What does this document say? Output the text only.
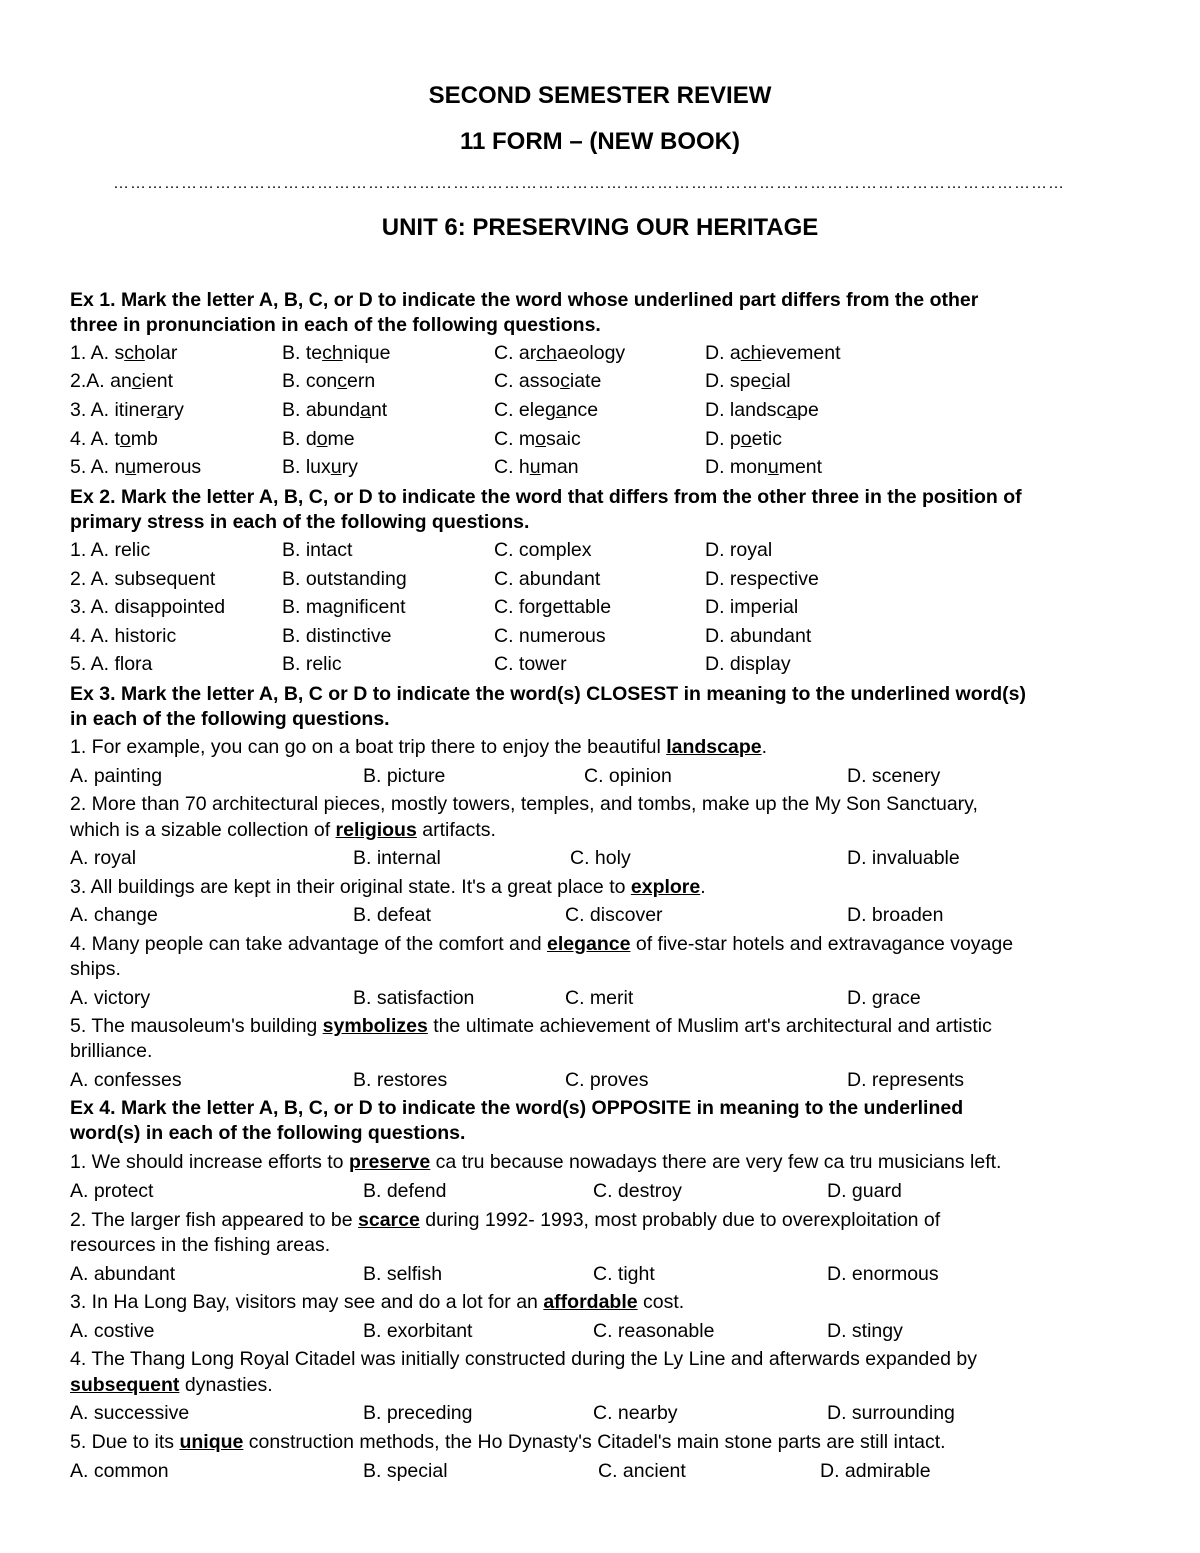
SECOND SEMESTER REVIEW
11 FORM – (NEW BOOK)
……………………………………………………………………………………………………………………………………………………
UNIT 6: PRESERVING OUR HERITAGE
Ex 1. Mark the letter A, B, C, or D to indicate the word whose underlined part differs from the other
three in pronunciation in each of the following questions.
1. A. scholar	B. technique	C. archaeology	D. achievement
2.A. ancient	B. concern	C. associate	D. special
3. A. itinerary	B. abundant	C. elegance	D. landscape
4. A. tomb	B. dome	C. mosaic	D. poetic
5. A. numerous	B. luxury	C. human	D. monument
Ex 2. Mark the letter A, B, C, or D to indicate the word that differs from the other three in the position of
primary stress in each of the following questions.
1. A. relic	B. intact	C. complex	D. royal
2. A. subsequent	B. outstanding	C. abundant	D. respective
3. A. disappointed	B. magnificent	C. forgettable	D. imperial
4. A. historic	B. distinctive	C. numerous	D. abundant
5. A. flora	B. relic	C. tower	D. display
Ex 3. Mark the letter A, B, C or D to indicate the word(s) CLOSEST in meaning to the underlined word(s)
in each of the following questions.
1. For example, you can go on a boat trip there to enjoy the beautiful landscape.
A. painting	B. picture	C. opinion	D. scenery
2. More than 70 architectural pieces, mostly towers, temples, and tombs, make up the My Son Sanctuary,
which is a sizable collection of religious artifacts.
A. royal	B. internal	C. holy	D. invaluable
3. All buildings are kept in their original state. It's a great place to explore.
A. change	B. defeat	C. discover	D. broaden
4. Many people can take advantage of the comfort and elegance of five-star hotels and extravagance voyage
ships.
A. victory	B. satisfaction	C. merit	D. grace
5. The mausoleum's building symbolizes the ultimate achievement of Muslim art's architectural and artistic
brilliance.
A. confesses	B. restores	C. proves	D. represents
Ex 4. Mark the letter A, B, C, or D to indicate the word(s) OPPOSITE in meaning to the underlined
word(s) in each of the following questions.
1. We should increase efforts to preserve ca tru because nowadays there are very few ca tru musicians left.
A. protect	B. defend	C. destroy	D. guard
2. The larger fish appeared to be scarce during 1992- 1993, most probably due to overexploitation of
resources in the fishing areas.
A. abundant	B. selfish	C. tight	D. enormous
3. In Ha Long Bay, visitors may see and do a lot for an affordable cost.
A. costive	B. exorbitant	C. reasonable	D. stingy
4. The Thang Long Royal Citadel was initially constructed during the Ly Line and afterwards expanded by
subsequent dynasties.
A. successive	B. preceding	C. nearby	D. surrounding
5. Due to its unique construction methods, the Ho Dynasty's Citadel's main stone parts are still intact.
A. common	B. special	C. ancient	D. admirable
